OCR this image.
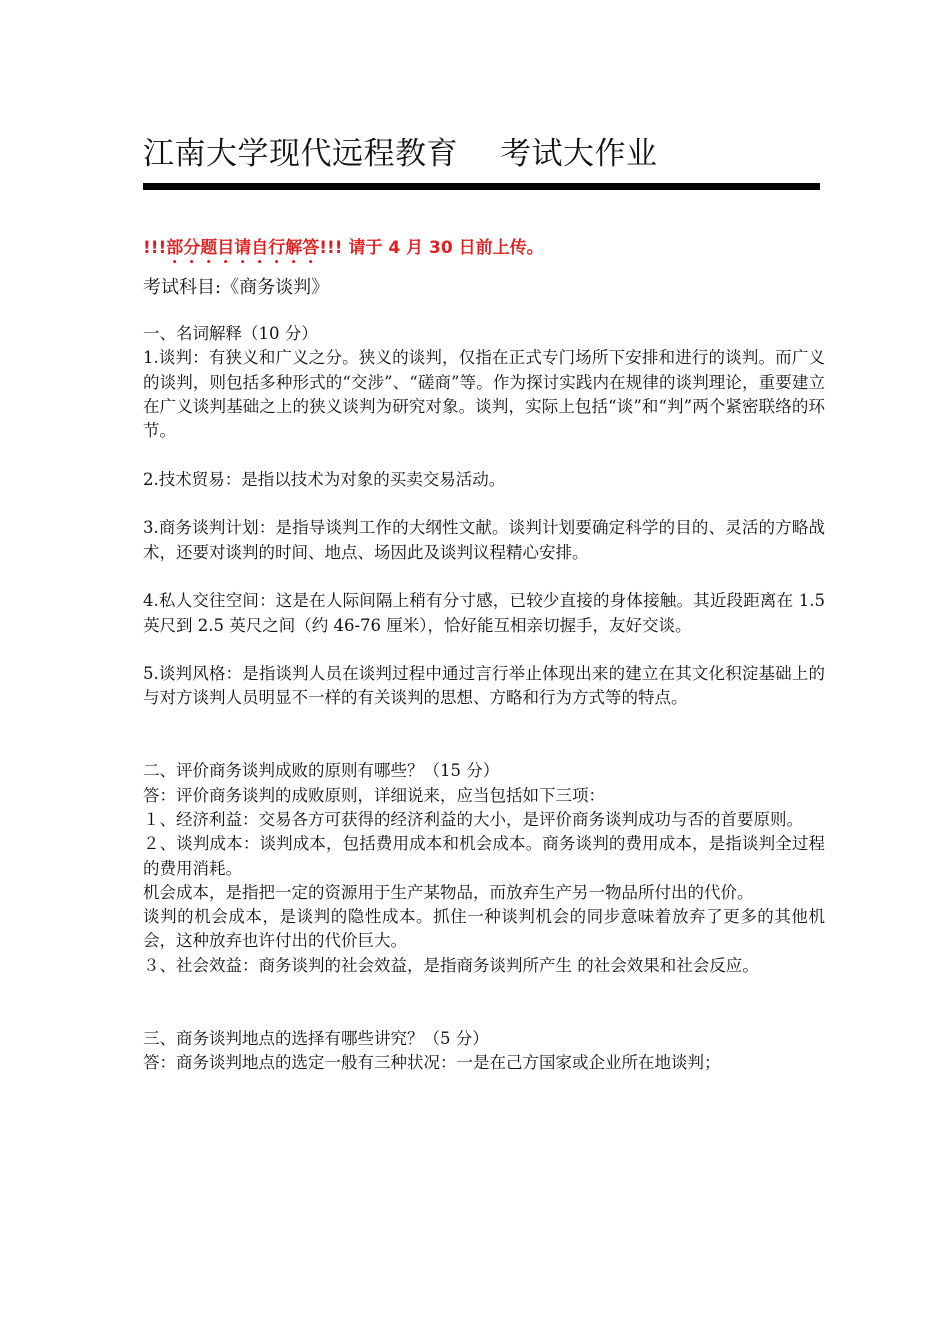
江南大学现代远程教育 考试大作业
!!!部分题目请自行解答!!! 请于 4 月 30 日前上传。
考试科目:《商务谈判》

一、名词解释（10 分）

1.谈判：有狭义和广义之分。狭义的谈判，仅指在正式专门场所下安排和进行的谈判。而广义的谈判，则包括多种形式的“交涉”、“磋商”等。作为探讨实践内在规律的谈判理论，重要建立在广义谈判基础之上的狭义谈判为研究对象。谈判，实际上包括“谈”和“判”两个紧密联络的环节。

2.技术贸易：是指以技术为对象的买卖交易活动。

3.商务谈判计划：是指导谈判工作的大纲性文献。谈判计划要确定科学的目的、灵活的方略战术，还要对谈判的时间、地点、场因此及谈判议程精心安排。

4.私人交往空间：这是在人际间隔上稍有分寸感，已较少直接的身体接触。其近段距离在 1.5 英尺到 2.5 英尺之间（约 46-76 厘米），恰好能互相亲切握手，友好交谈。

5.谈判风格：是指谈判人员在谈判过程中通过言行举止体现出来的建立在其文化积淀基础上的与对方谈判人员明显不一样的有关谈判的思想、方略和行为方式等的特点。

二、评价商务谈判成败的原则有哪些？（15 分）

答：评价商务谈判的成败原则，详细说来，应当包括如下三项：

１、经济利益：交易各方可获得的经济利益的大小，是评价商务谈判成功与否的首要原则。

２、谈判成本：谈判成本，包括费用成本和机会成本。商务谈判的费用成本，是指谈判全过程的费用消耗。

机会成本，是指把一定的资源用于生产某物品，而放弃生产另一物品所付出的代价。

谈判的机会成本，是谈判的隐性成本。抓住一种谈判机会的同步意味着放弃了更多的其他机会，这种放弃也许付出的代价巨大。

３、社会效益：商务谈判的社会效益，是指商务谈判所产生 的社会效果和社会反应。

三、商务谈判地点的选择有哪些讲究？（5 分）

答：商务谈判地点的选定一般有三种状况：一是在己方国家或企业所在地谈判；
